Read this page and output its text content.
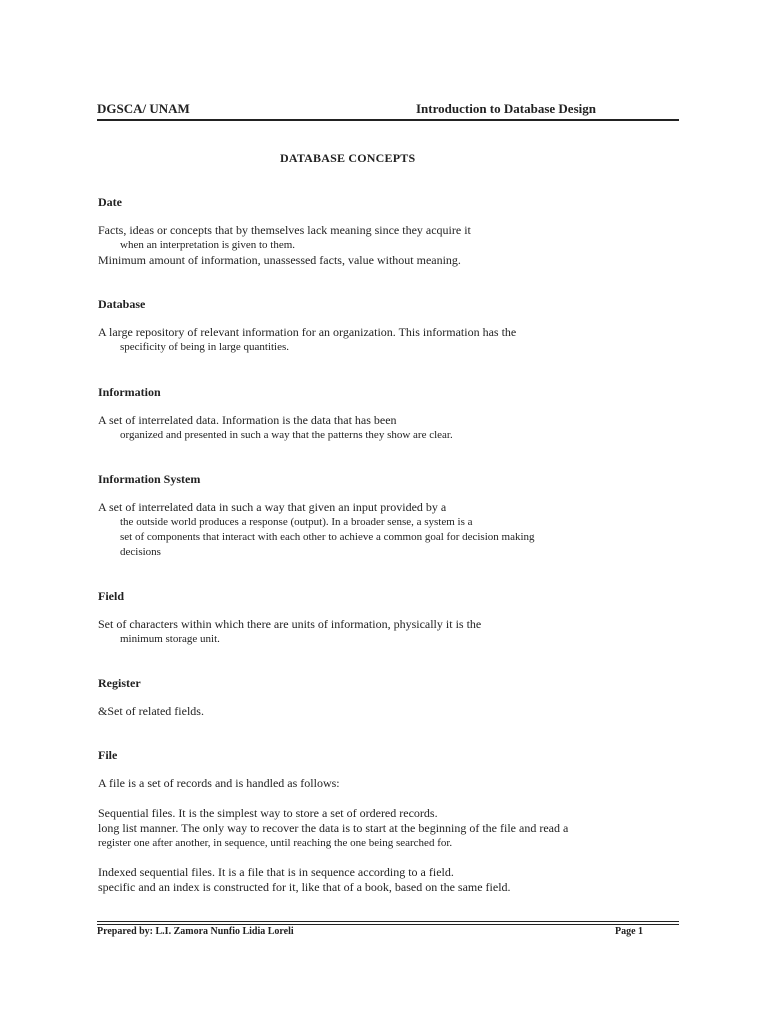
DGSCA/ UNAM	Introduction to Database Design
DATABASE CONCEPTS
Date
Facts, ideas or concepts that by themselves lack meaning since they acquire it
when an interpretation is given to them.
Minimum amount of information, unassessed facts, value without meaning.
Database
A large repository of relevant information for an organization. This information has the
specificity of being in large quantities.
Information
A set of interrelated data. Information is the data that has been
organized and presented in such a way that the patterns they show are clear.
Information System
A set of interrelated data in such a way that given an input provided by a
the outside world produces a response (output). In a broader sense, a system is a
set of components that interact with each other to achieve a common goal for decision making
decisions
Field
Set of characters within which there are units of information, physically it is the
minimum storage unit.
Register
&Set of related fields.
File
A file is a set of records and is handled as follows:
Sequential files. It is the simplest way to store a set of ordered records.
long list manner. The only way to recover the data is to start at the beginning of the file and read a
register one after another, in sequence, until reaching the one being searched for.
Indexed sequential files. It is a file that is in sequence according to a field.
specific and an index is constructed for it, like that of a book, based on the same field.
Prepared by: L.I. Zamora Nunfio Lidia Loreli	Page 1
